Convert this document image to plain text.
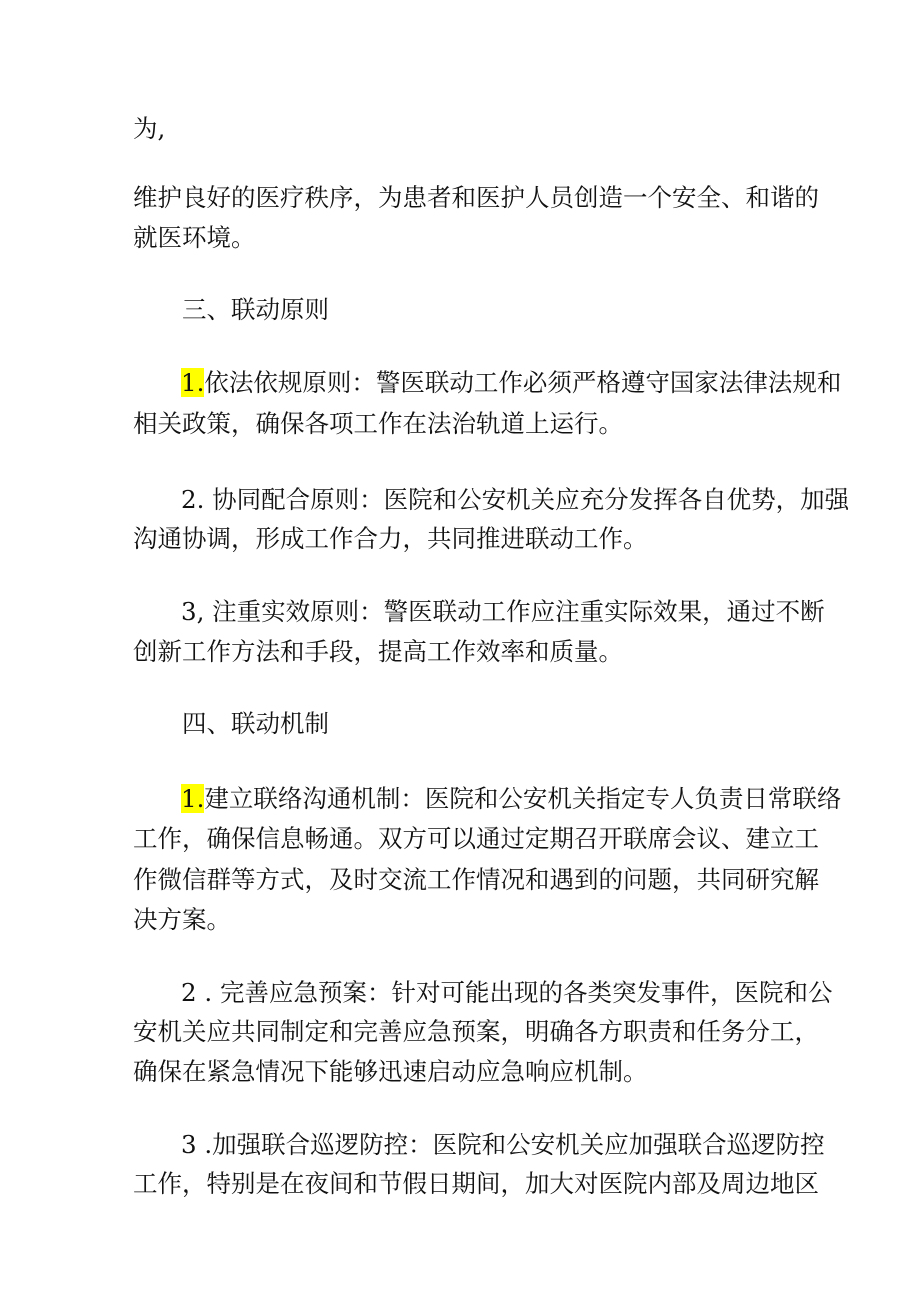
为,
维护良好的医疗秩序，为患者和医护人员创造一个安全、和谐的
就医环境。
三、联动原则
1.依法依规原则：警医联动工作必须严格遵守国家法律法规和
相关政策，确保各项工作在法治轨道上运行。
2. 协同配合原则：医院和公安机关应充分发挥各自优势，加强
沟通协调，形成工作合力，共同推进联动工作。
3, 注重实效原则：警医联动工作应注重实际效果，通过不断
创新工作方法和手段，提高工作效率和质量。
四、联动机制
1.建立联络沟通机制：医院和公安机关指定专人负责日常联络
工作，确保信息畅通。双方可以通过定期召开联席会议、建立工
作微信群等方式，及时交流工作情况和遇到的问题，共同研究解
决方案。
2 . 完善应急预案：针对可能出现的各类突发事件，医院和公
安机关应共同制定和完善应急预案，明确各方职责和任务分工，
确保在紧急情况下能够迅速启动应急响应机制。
3 .加强联合巡逻防控：医院和公安机关应加强联合巡逻防控
工作，特别是在夜间和节假日期间，加大对医院内部及周边地区
